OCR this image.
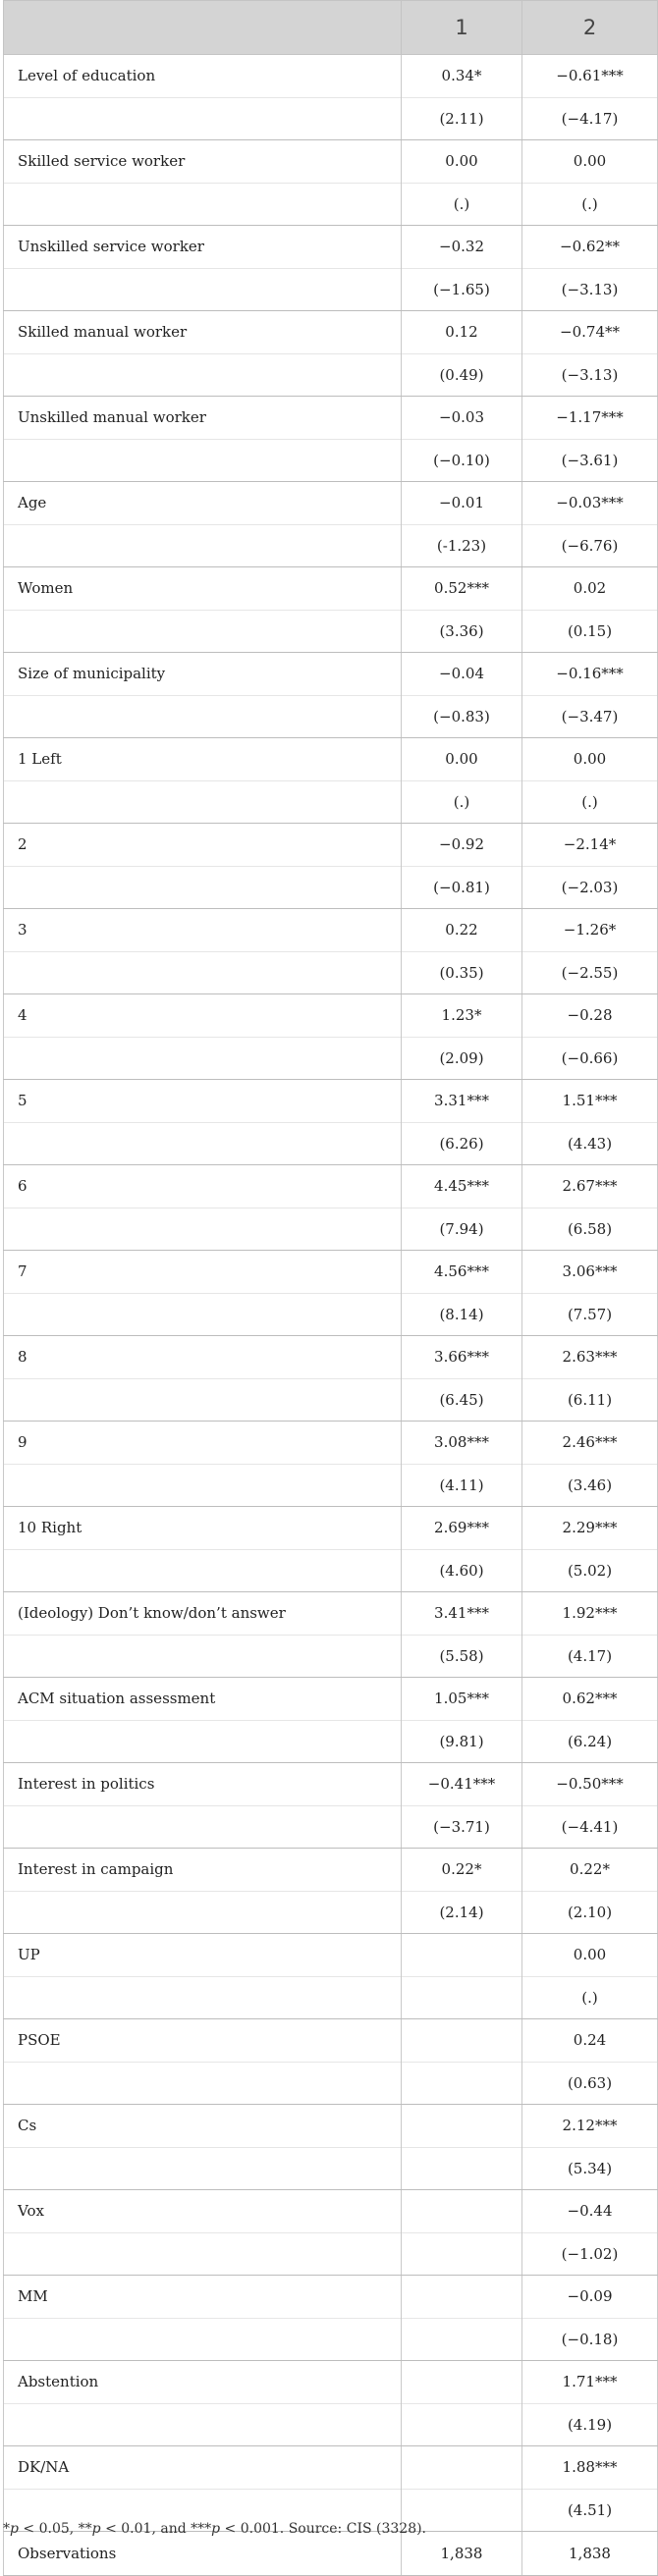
	1	2
Level of education	0.34*	−0.61***
	(2.11)	(−4.17)
Skilled service worker	0.00	0.00
	(.)	(.)
Unskilled service worker	−0.32	−0.62**
	(−1.65)	(−3.13)
Skilled manual worker	0.12	−0.74**
	(0.49)	(−3.13)
Unskilled manual worker	−0.03	−1.17***
	(−0.10)	(−3.61)
Age	−0.01	−0.03***
	(-1.23)	(−6.76)
Women	0.52***	0.02
	(3.36)	(0.15)
Size of municipality	−0.04	−0.16***
	(−0.83)	(−3.47)
1 Left	0.00	0.00
	(.)	(.)
2	−0.92	−2.14*
	(−0.81)	(−2.03)
3	0.22	−1.26*
	(0.35)	(−2.55)
4	1.23*	−0.28
	(2.09)	(−0.66)
5	3.31***	1.51***
	(6.26)	(4.43)
6	4.45***	2.67***
	(7.94)	(6.58)
7	4.56***	3.06***
	(8.14)	(7.57)
8	3.66***	2.63***
	(6.45)	(6.11)
9	3.08***	2.46***
	(4.11)	(3.46)
10 Right	2.69***	2.29***
	(4.60)	(5.02)
(Ideology) Don’t know/don’t answer	3.41***	1.92***
	(5.58)	(4.17)
ACM situation assessment	1.05***	0.62***
	(9.81)	(6.24)
Interest in politics	−0.41***	−0.50***
	(−3.71)	(−4.41)
Interest in campaign	0.22*	0.22*
	(2.14)	(2.10)
UP		0.00
		(.)
PSOE		0.24
		(0.63)
Cs		2.12***
		(5.34)
Vox		−0.44
		(−1.02)
MM		−0.09
		(−0.18)
Abstention		1.71***
		(4.19)
DK/NA		1.88***
		(4.51)
Observations	1,838	1,838
*p < 0.05, **p < 0.01, and ***p < 0.001. Source: CIS (3328).
